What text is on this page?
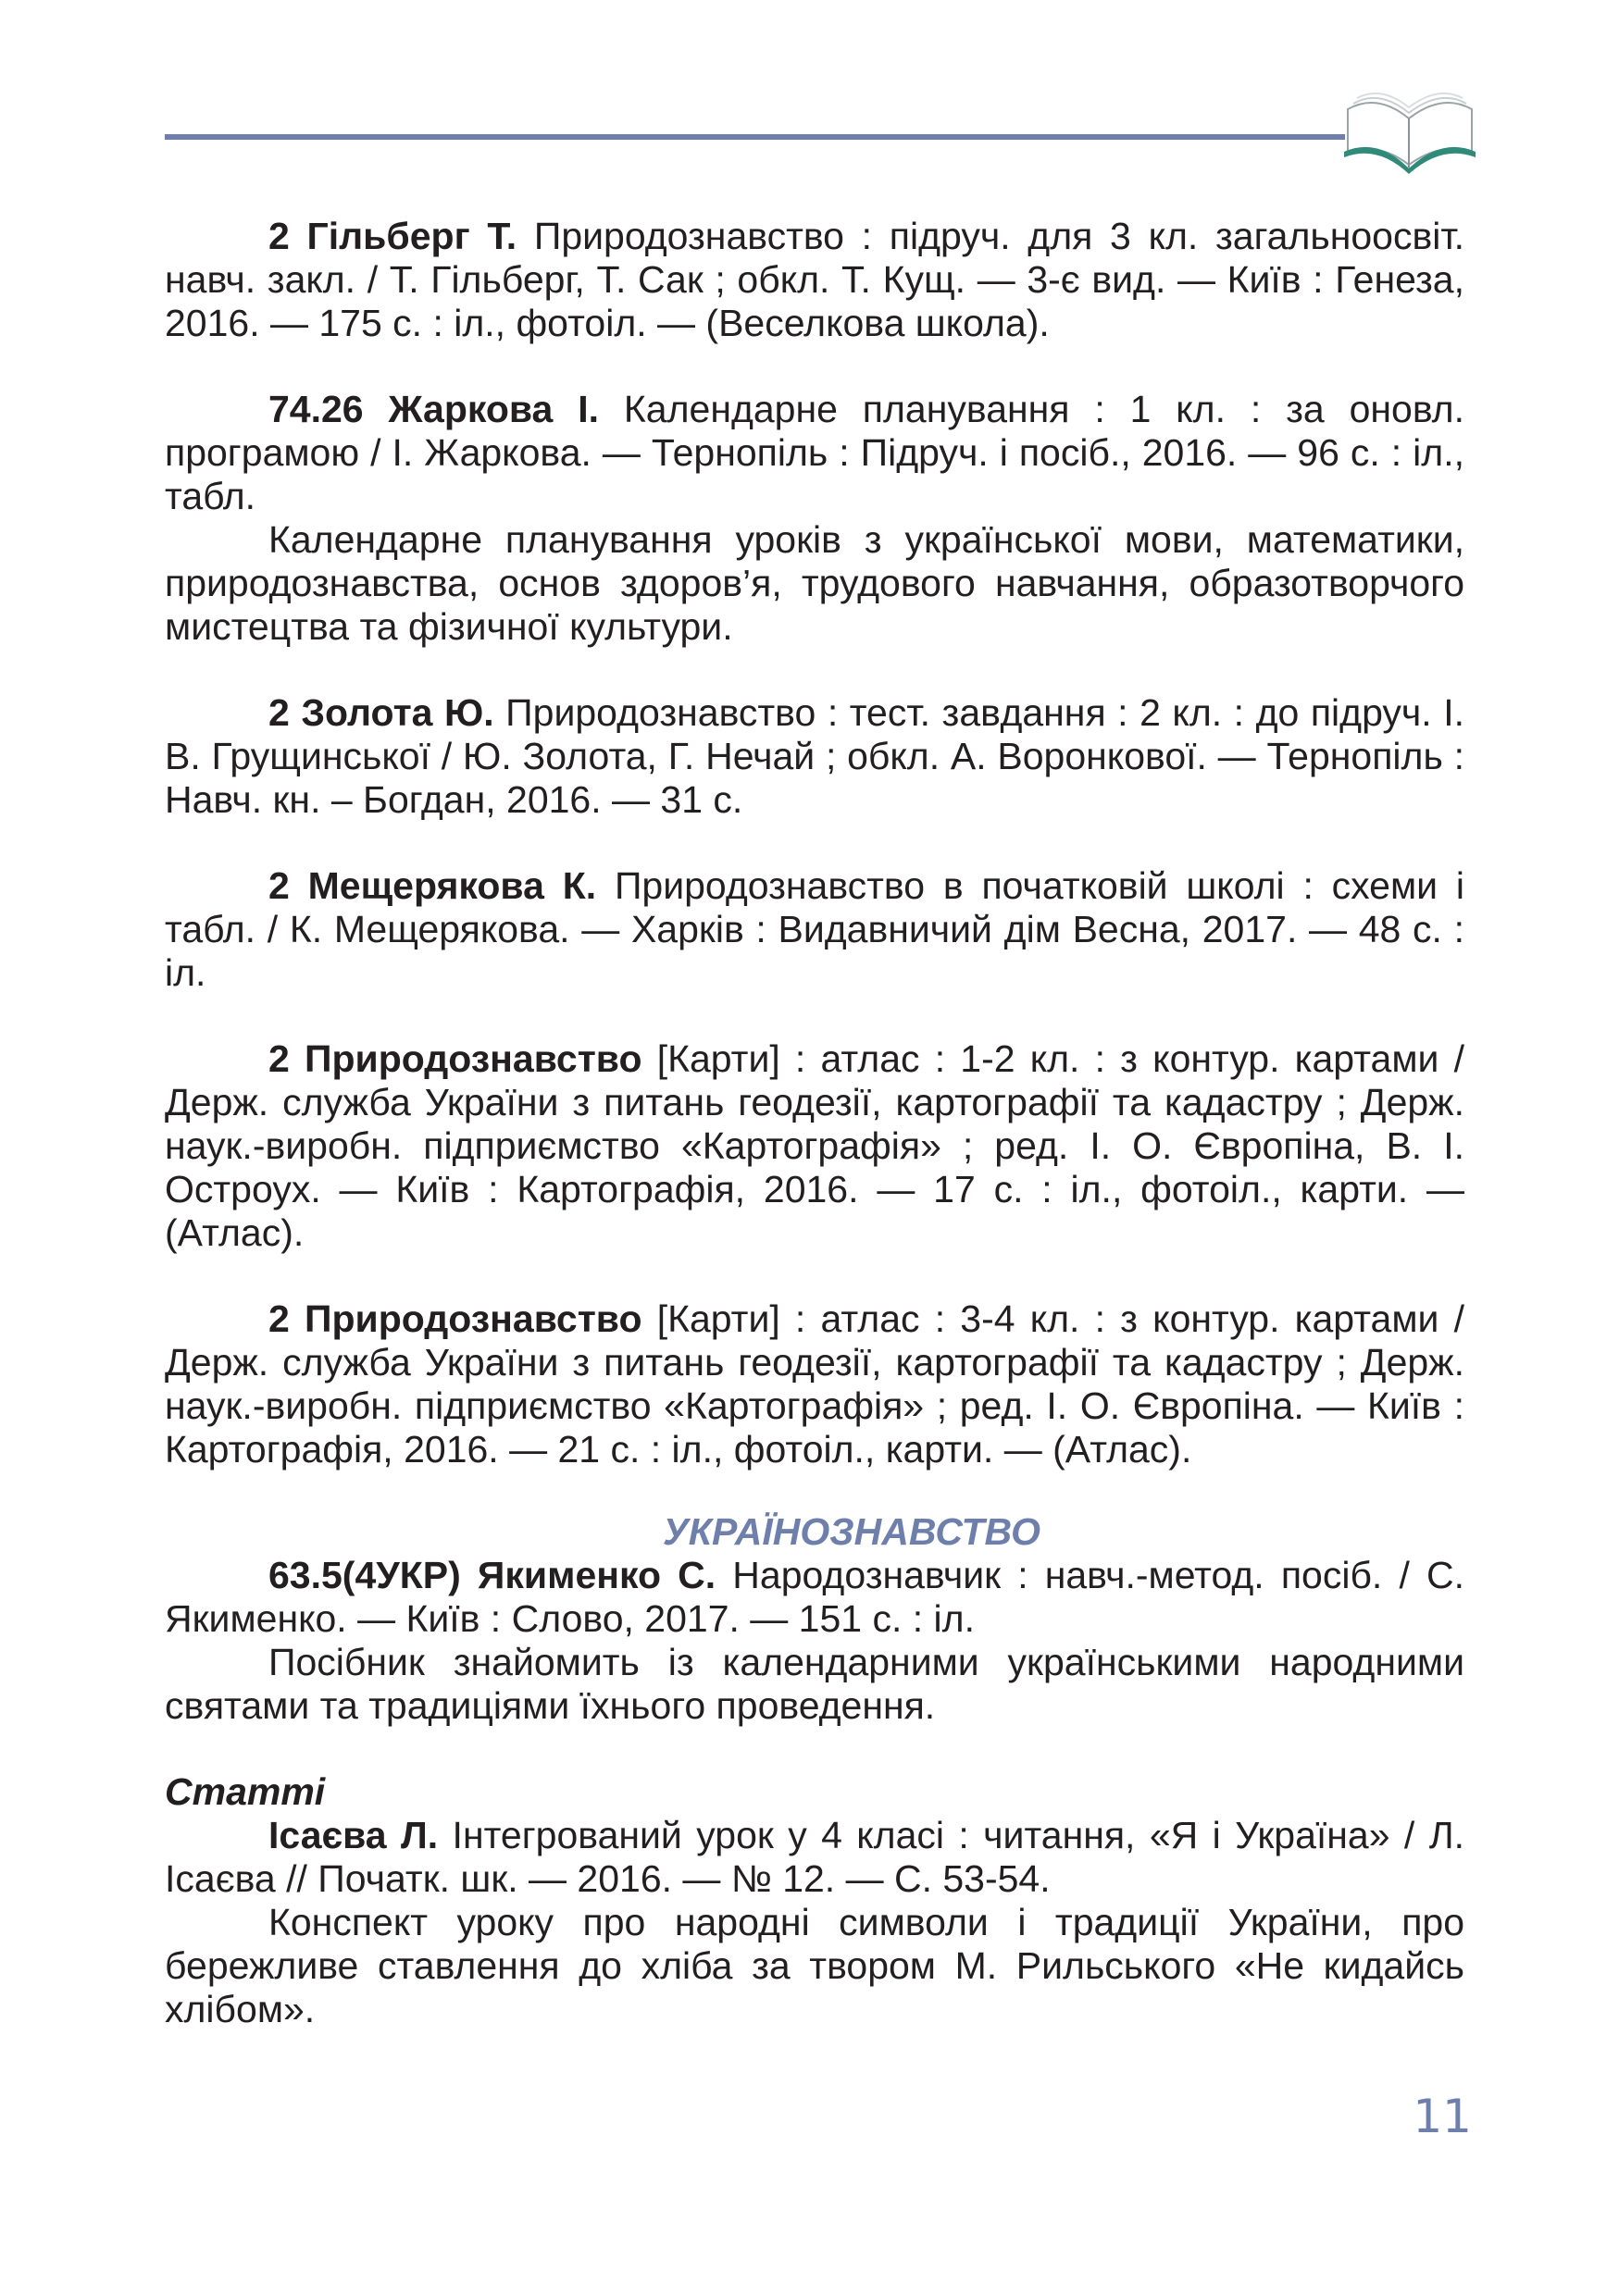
2 Гільберг Т. Природознавство : підруч. для 3 кл. загальноосвіт. навч. закл. / Т. Гільберг, Т. Сак ; обкл. Т. Кущ. — 3-є вид. — Київ : Генеза, 2016. — 175 с. : іл., фотоіл. — (Веселкова школа).

74.26 Жаркова І. Календарне планування : 1 кл. : за оновл. програмою / І. Жаркова. — Тернопіль : Підруч. і посіб., 2016. — 96 с. : іл., табл.

Календарне планування уроків з української мови, математики, природознавства, основ здоров’я, трудового навчання, образотворчого мистецтва та фізичної культури.

2 Золота Ю. Природознавство : тест. завдання : 2 кл. : до підруч. І. В. Грущинської / Ю. Золота, Г. Нечай ; обкл. А. Воронкової. — Тернопіль : Навч. кн. – Богдан, 2016. — 31 с.

2 Мещерякова К. Природознавство в початковій школі : схеми і табл. / К. Мещерякова. — Харків : Видавничий дім Весна, 2017. — 48 с. : іл.

2 Природознавство [Карти] : атлас : 1-2 кл. : з контур. картами / Держ. служба України з питань геодезії, картографії та кадастру ; Держ. наук.-виробн. підприємство «Картографія» ; ред. І. О. Європіна, В. І. Остроух. — Київ : Картографія, 2016. — 17 с. : іл., фотоіл., карти. — (Атлас).

2 Природознавство [Карти] : атлас : 3-4 кл. : з контур. картами / Держ. служба України з питань геодезії, картографії та кадастру ; Держ. наук.-виробн. підприємство «Картографія» ; ред. І. О. Європіна. — Київ : Картографія, 2016. — 21 с. : іл., фотоіл., карти. — (Атлас).

УКРАЇНОЗНАВСТВО

63.5(4УКР) Якименко С. Народознавчик : навч.-метод. посіб. / С. Якименко. — Київ : Слово, 2017. — 151 с. : іл.

Посібник знайомить із календарними українськими народними святами та традиціями їхнього проведення.

Статті

Ісаєва Л. Інтегрований урок у 4 класі : читання, «Я і Україна» / Л. Ісаєва // Початк. шк. — 2016. — № 12. — С. 53-54.

Конспект уроку про народні символи і традиції України, про бережливе ставлення до хліба за твором М. Рильського «Не кидайсь хлібом».

11
